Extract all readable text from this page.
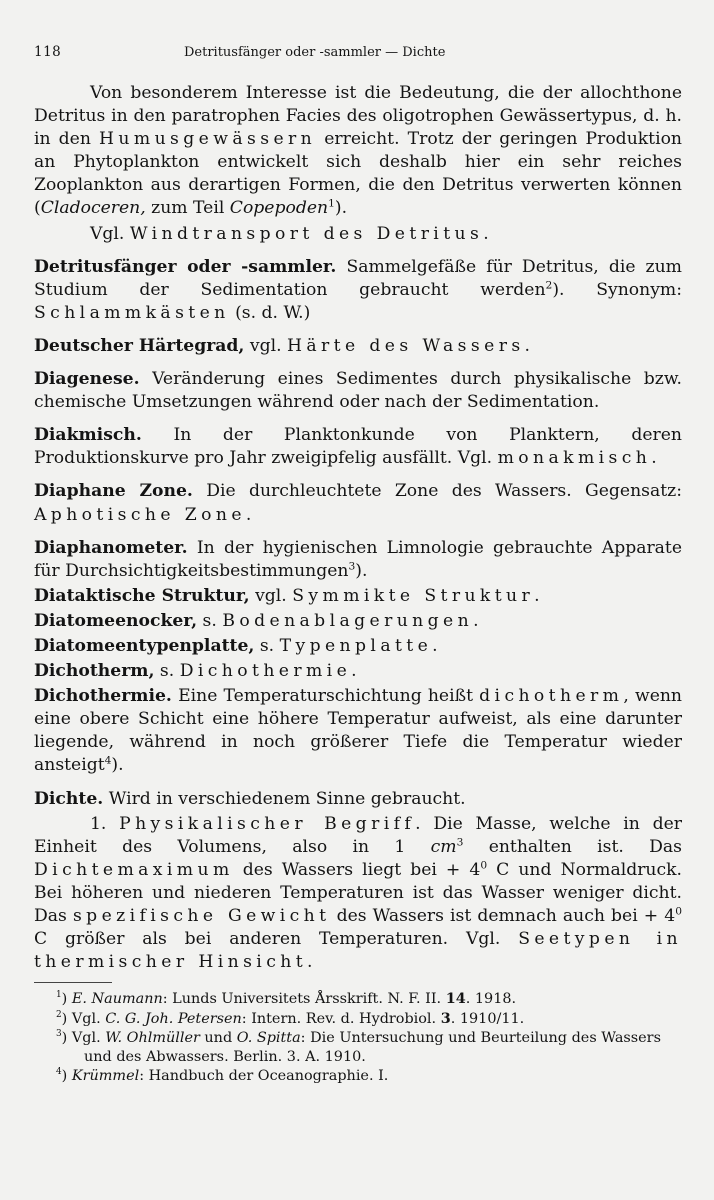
118	Detritusfänger oder -sammler — Dichte

Von besonderem Interesse ist die Bedeutung, die der allochthone Detritus in den paratrophen Facies des oligotrophen Gewässertypus, d. h. in den Humusgewässern erreicht. Trotz der geringen Produktion an Phytoplankton entwickelt sich deshalb hier ein sehr reiches Zooplankton aus derartigen Formen, die den Detritus verwerten können (Cladoceren, zum Teil Copepoden$^1$).

Vgl. Windtransport des Detritus.

Detritusfänger oder -sammler. Sammelgefäße für Detritus, die zum Studium der Sedimentation gebraucht werden$^2$). Synonym: Schlammkästen (s. d. W.)

Deutscher Härtegrad, vgl. Härte des Wassers.

Diagenese. Veränderung eines Sedimentes durch physikalische bzw. chemische Umsetzungen während oder nach der Sedimentation.

Diakmisch. In der Planktonkunde von Planktern, deren Produktionskurve pro Jahr zweigipfelig ausfällt. Vgl. monakmisch.

Diaphane Zone. Die durchleuchtete Zone des Wassers. Gegensatz: Aphotische Zone.

Diaphanometer. In der hygienischen Limnologie gebrauchte Apparate für Durchsichtigkeitsbestimmungen$^3$).

Diataktische Struktur, vgl. Symmikte Struktur.

Diatomeenocker, s. Bodenablagerungen.

Diatomeentypenplatte, s. Typenplatte.

Dichotherm, s. Dichothermie.

Dichothermie. Eine Temperaturschichtung heißt dichotherm, wenn eine obere Schicht eine höhere Temperatur aufweist, als eine darunter liegende, während in noch größerer Tiefe die Temperatur wieder ansteigt$^4$).

Dichte. Wird in verschiedenem Sinne gebraucht.

1. Physikalischer Begriff. Die Masse, welche in der Einheit des Volumens, also in 1 $cm^3$ enthalten ist. Das Dichtemaximum des Wassers liegt bei + $4^0$ C und Normaldruck. Bei höheren und niederen Temperaturen ist das Wasser weniger dicht. Das spezifische Gewicht des Wassers ist demnach auch bei + $4^0$ C größer als bei anderen Temperaturen. Vgl. Seetypen in thermischer Hinsicht.

$^1$) E. Naumann: Lunds Universitets Årsskrift. N. F. II. 14. 1918.

$^2$) Vgl. C. G. Joh. Petersen: Intern. Rev. d. Hydrobiol. 3. 1910/11.

$^3$) Vgl. W. Ohlmüller und O. Spitta: Die Untersuchung und Beurteilung des Wassers und des Abwassers. Berlin. 3. A. 1910.

$^4$) Krümmel: Handbuch der Oceanographie. I.
